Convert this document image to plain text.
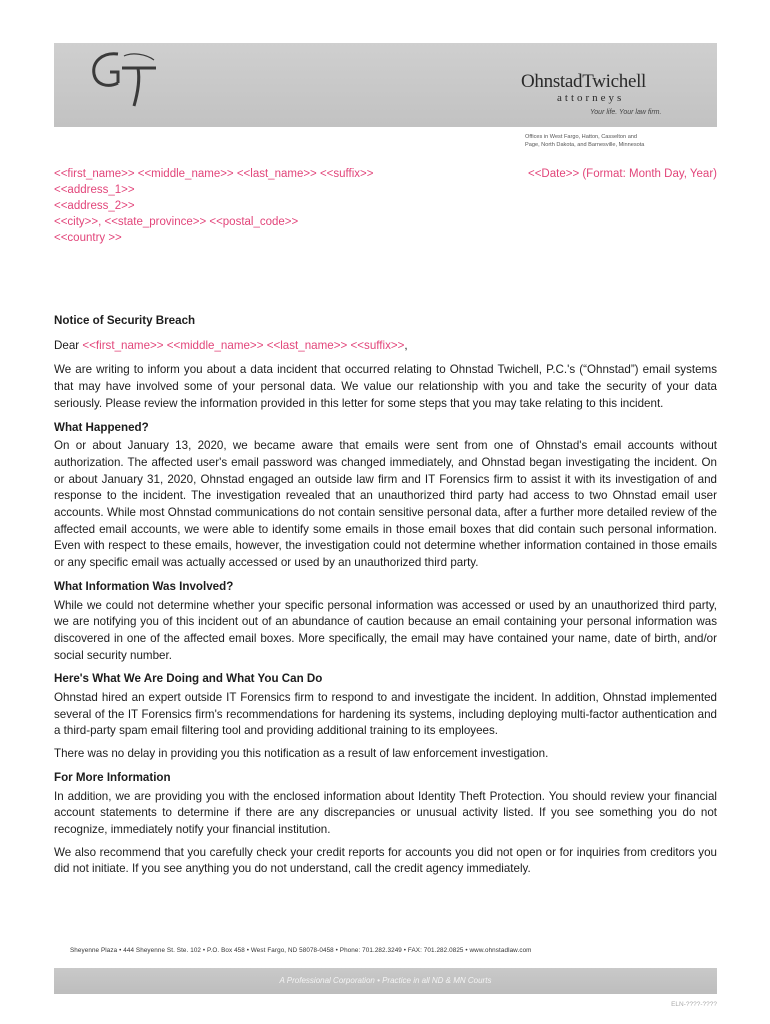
OhnstadTwichell
attorneys
Your life. Your law firm.
Offices in West Fargo, Hatton, Casselton and
Page, North Dakota, and Barnesville, Minnesota
<<first_name>> <<middle_name>> <<last_name>> <<suffix>>
<<address_1>>
<<address_2>>
<<city>>, <<state_province>> <<postal_code>>
<<country >>
<<Date>> (Format: Month Day, Year)
Notice of Security Breach
Dear <<first_name>> <<middle_name>> <<last_name>> <<suffix>>,

We are writing to inform you about a data incident that occurred relating to Ohnstad Twichell, P.C.'s (“Ohnstad”) email systems that may have involved some of your personal data. We value our relationship with you and take the security of your data seriously. Please review the information provided in this letter for some steps that you may take relating to this incident.

What Happened?

On or about January 13, 2020, we became aware that emails were sent from one of Ohnstad's email accounts without authorization. The affected user's email password was changed immediately, and Ohnstad began investigating the incident. On or about January 31, 2020, Ohnstad engaged an outside law firm and IT Forensics firm to assist it with its investigation of and response to the incident. The investigation revealed that an unauthorized third party had access to two Ohnstad email user accounts. While most Ohnstad communications do not contain sensitive personal data, after a further more detailed review of the affected email accounts, we were able to identify some emails in those email boxes that did contain such personal information. Even with respect to these emails, however, the investigation could not determine whether information contained in those emails or any specific email was actually accessed or used by an unauthorized third party.

What Information Was Involved?

While we could not determine whether your specific personal information was accessed or used by an unauthorized third party, we are notifying you of this incident out of an abundance of caution because an email containing your personal information was discovered in one of the affected email boxes. More specifically, the email may have contained your name, date of birth, and/or social security number.

Here's What We Are Doing and What You Can Do

Ohnstad hired an expert outside IT Forensics firm to respond to and investigate the incident. In addition, Ohnstad implemented several of the IT Forensics firm's recommendations for hardening its systems, including deploying multi-factor authentication and a third-party spam email filtering tool and providing additional training to its employees.

There was no delay in providing you this notification as a result of law enforcement investigation.

For More Information

In addition, we are providing you with the enclosed information about Identity Theft Protection. You should review your financial account statements to determine if there are any discrepancies or unusual activity listed. If you see something you do not recognize, immediately notify your financial institution.

We also recommend that you carefully check your credit reports for accounts you did not open or for inquiries from creditors you did not initiate. If you see anything you do not understand, call the credit agency immediately.

Sheyenne Plaza • 444 Sheyenne St. Ste. 102 • P.O. Box 458 • West Fargo, ND 58078-0458 • Phone: 701.282.3249 • FAX: 701.282.0825 • www.ohnstadlaw.com
A Professional Corporation • Practice in all ND & MN Courts
ELN-????-????
